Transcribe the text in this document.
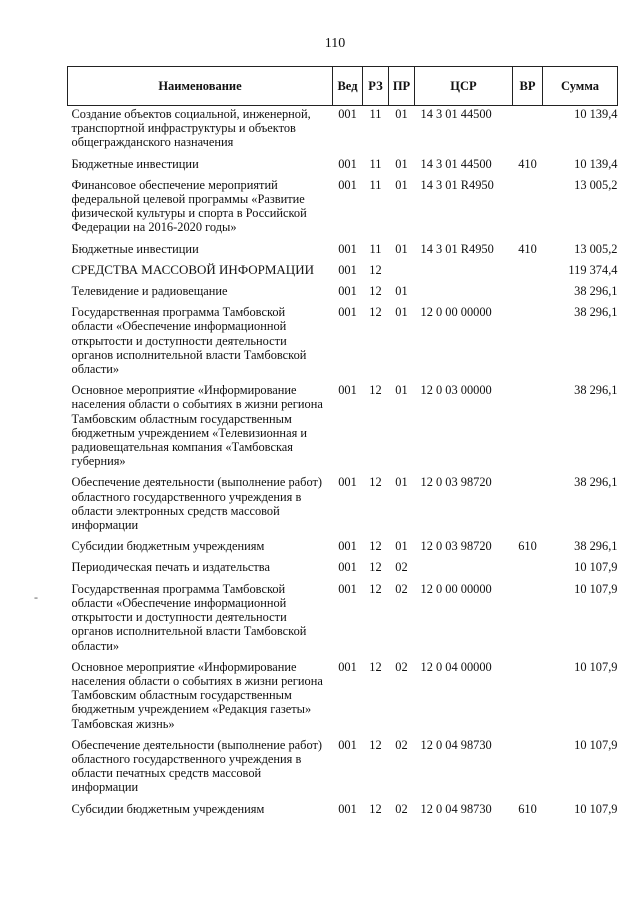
110
-
Наименование	Вед	РЗ	ПР	ЦСР	ВР	Сумма
Создание объектов социальной, инженерной, транспортной инфраструктуры и объектов общегражданского назначения	001	11	01	14 3 01 44500		10 139,4
Бюджетные инвестиции	001	11	01	14 3 01 44500	410	10 139,4
Финансовое обеспечение мероприятий федеральной целевой программы «Развитие физической культуры и спорта в Российской Федерации на 2016-2020 годы»	001	11	01	14 3 01 R4950		13 005,2
Бюджетные инвестиции	001	11	01	14 3 01 R4950	410	13 005,2
СРЕДСТВА МАССОВОЙ ИНФОРМАЦИИ	001	12				119 374,4
Телевидение и радиовещание	001	12	01			38 296,1
Государственная программа Тамбовской области «Обеспечение информационной открытости и доступности деятельности органов исполнительной власти Тамбовской области»	001	12	01	12 0 00 00000		38 296,1
Основное мероприятие «Информирование населения области о событиях в жизни региона Тамбовским областным государственным бюджетным учреждением «Телевизионная и радиовещательная компания «Тамбовская губерния»	001	12	01	12 0 03 00000		38 296,1
Обеспечение деятельности (выполнение работ) областного государственного учреждения в области электронных средств массовой информации	001	12	01	12 0 03 98720		38 296,1
Субсидии бюджетным учреждениям	001	12	01	12 0 03 98720	610	38 296,1
Периодическая печать и издательства	001	12	02			10 107,9
Государственная программа Тамбовской области «Обеспечение информационной открытости и доступности деятельности органов исполнительной власти Тамбовской области»	001	12	02	12 0 00 00000		10 107,9
Основное мероприятие «Информирование населения области о событиях в жизни региона Тамбовским областным государственным бюджетным учреждением «Редакция газеты» Тамбовская жизнь»	001	12	02	12 0 04 00000		10 107,9
Обеспечение деятельности (выполнение работ) областного государственного учреждения в области печатных средств массовой информации	001	12	02	12 0 04 98730		10 107,9
Субсидии бюджетным учреждениям	001	12	02	12 0 04 98730	610	10 107,9
